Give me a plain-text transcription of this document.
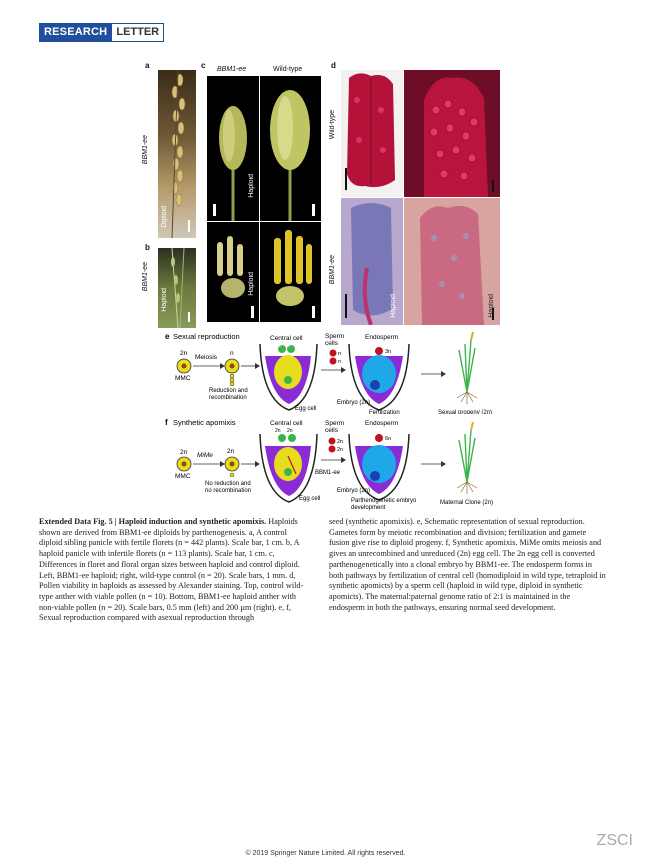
RESEARCH LETTER
a
BBM1-ee
Diploid
b
BBM1-ee
Haploid
c BBM1-ee	Wild-type
Haploid
Haploid
d
Wild-type
BBM1-ee
Haploid	Haploid
e Sexual reproduction
2n
MMC
Meiosis
n
Reduction and recombination
Central cell
n n
Egg cell
Sperm cells
n
n
Endosperm
3n
Embryo (2n)
Fertilization	Sexual progeny (2n)
f Synthetic apomixis
2n
MMC
MiMe
2n
No reduction and no recombination
Central cell
2n 2n
BBM1-ee
Egg cell
Sperm cells
2n
2n
Endosperm
6n
Embryo (2n)
Parthenogenetic embryo development
Maternal Clone (2n)
Extended Data Fig. 5 | Haploid induction and synthetic apomixis. Haploids shown are derived from BBM1-ee diploids by parthenogenesis. a, A control diploid sibling panicle with fertile florets (n = 442 plants). Scale bar, 1 cm. b, A haploid panicle with infertile florets (n = 113 plants). Scale bar, 1 cm. c, Differences in floret and floral organ sizes between haploid and control diploid. Left, BBM1-ee haploid; right, wild-type control (n = 20). Scale bars, 1 mm. d, Pollen viability in haploids as assessed by Alexander staining. Top, control wild-type anther with viable pollen (n = 10). Bottom, BBM1-ee haploid anther with non-viable pollen (n = 20). Scale bars, 0.5 mm (left) and 200 µm (right). e, f, Sexual reproduction compared with asexual reproduction through
seed (synthetic apomixis). e, Schematic representation of sexual reproduction. Gametes form by meiotic recombination and division; fertilization and gamete fusion give rise to diploid progeny. f, Synthetic apomixis. MiMe omits meiosis and gives an unrecombined and unreduced (2n) egg cell. The 2n egg cell is converted parthenogenetically into a clonal embryo by BBM1-ee. The endosperm forms in both pathways by fertilization of central cell (homodiploid in wild type, tetraploid in synthetic apomicts) by a sperm cell (haploid in wild type, diploid in synthetic apomicts). The maternal:paternal genome ratio of 2:1 is maintained in the endosperm in both the pathways, ensuring normal seed development.
ZSCI
© 2019 Springer Nature Limited. All rights reserved.
